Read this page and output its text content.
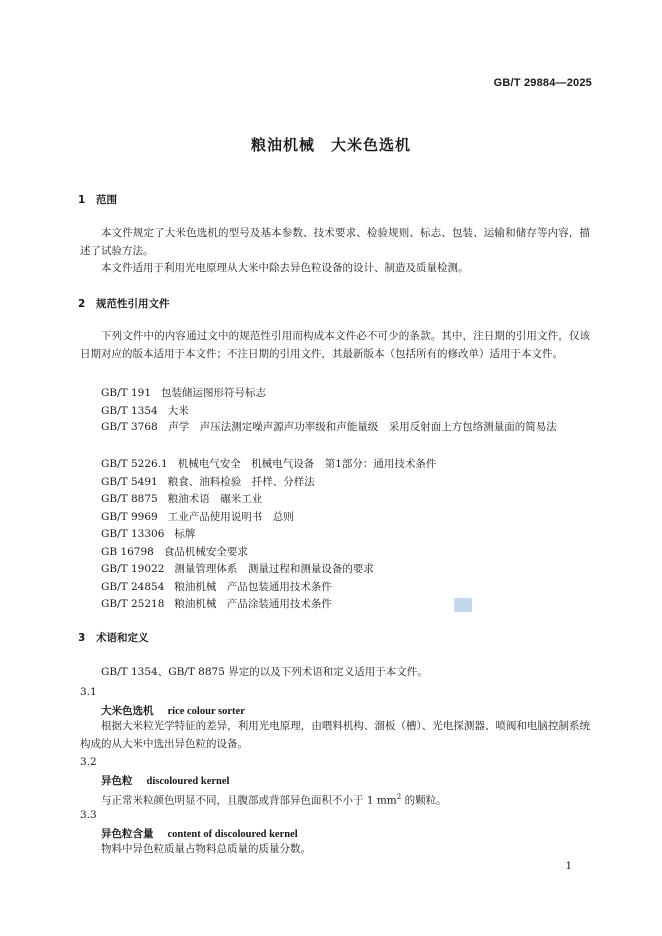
GB/T 29884—2025
粮油机械　大米色选机
1 范围

本文件规定了大米色选机的型号及基本参数、技术要求、检验规则、标志、包装、运输和储存等内容，描述了试验方法。

本文件适用于利用光电原理从大米中除去异色粒设备的设计、制造及质量检测。

2 规范性引用文件

下列文件中的内容通过文中的规范性引用而构成本文件必不可少的条款。其中，注日期的引用文件，仅该日期对应的版本适用于本文件；不注日期的引用文件，其最新版本（包括所有的修改单）适用于本文件。

GB/T 191 包装储运图形符号标志
GB/T 1354 大米

GB/T 3768　 声学　声压法测定噪声源声功率级和声能量级　采用反射面上方包络测量面的简易法

GB/T 5226.1 机械电气安全　机械电气设备　第1部分：通用技术条件
GB/T 5491 粮食、油料检验　扦样、分样法
GB/T 8875 粮油术语　碾米工业
GB/T 9969 工业产品使用说明书　总则
GB/T 13306 标牌
GB 16798 食品机械安全要求
GB/T 19022 测量管理体系　测量过程和测量设备的要求
GB/T 24854 粮油机械　产品包装通用技术条件
GB/T 25218 粮油机械　产品涂装通用技术条件
3 术语和定义

GB/T 1354、GB/T 8875 界定的以及下列术语和定义适用于本文件。

3.1
大米色选机 rice colour sorter

根据大米粒光学特征的差异，利用光电原理，由喂料机构、溜板（槽）、光电探测器、喷阀和电脑控制系统构成的从大米中选出异色粒的设备。

3.2
异色粒 discoloured kernel

与正常米粒颜色明显不同，且腹部或背部异色面积不小于 1 $mm^2$ 的颗粒。

3.3
异色粒含量 content of discoloured kernel

物料中异色粒质量占物料总质量的质量分数。

1
